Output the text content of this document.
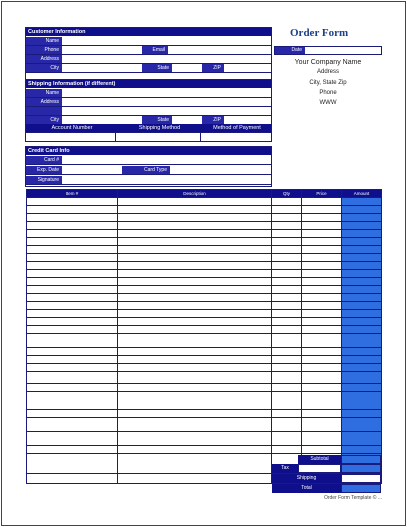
Customer Information
Name
Phone	Email
Address
City	State	ZIP
Shipping Information (if different)
Name
Address
City	State	ZIP
Account Number	Shipping Method	Method of Payment
Credit Card Info
Card #
Exp. Date	Card Type
Signature
Order Form
Date
Your Company Name
Address
City, State Zip
Phone
WWW
Item #	Description	Qty	Price	Amount

Subtotal
Tax
Shipping
Total
Order Form Template © ...
